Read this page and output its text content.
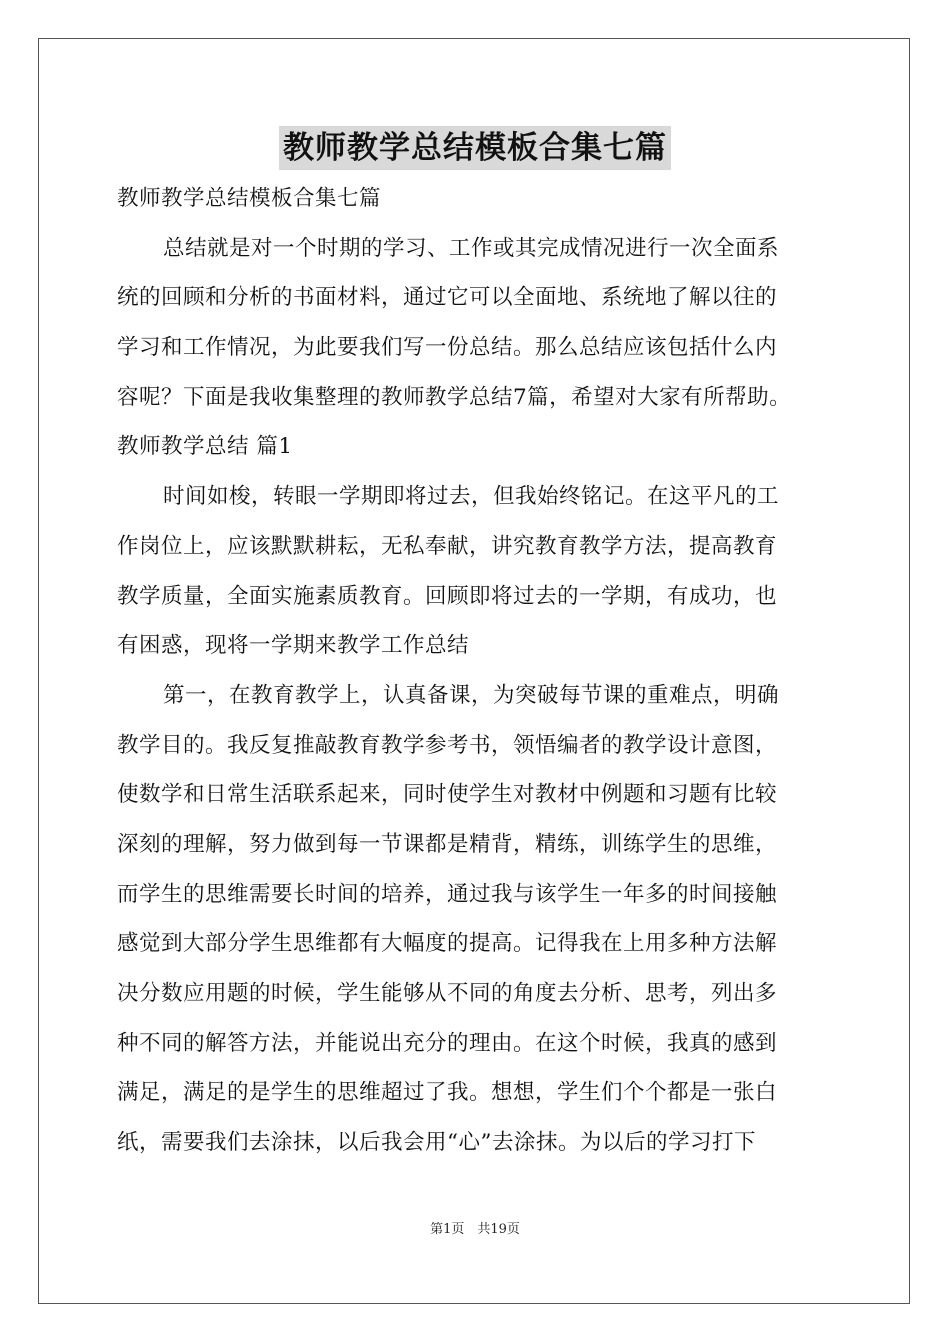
教师教学总结模板合集七篇
教师教学总结模板合集七篇
总结就是对一个时期的学习、工作或其完成情况进行一次全面系
统的回顾和分析的书面材料，通过它可以全面地、系统地了解以往的
学习和工作情况，为此要我们写一份总结。那么总结应该包括什么内
容呢？下面是我收集整理的教师教学总结7篇，希望对大家有所帮助。
教师教学总结 篇1
时间如梭，转眼一学期即将过去，但我始终铭记。在这平凡的工
作岗位上，应该默默耕耘，无私奉献，讲究教育教学方法，提高教育
教学质量，全面实施素质教育。回顾即将过去的一学期，有成功，也
有困惑，现将一学期来教学工作总结
第一，在教育教学上，认真备课，为突破每节课的重难点，明确
教学目的。我反复推敲教育教学参考书，领悟编者的教学设计意图，
使数学和日常生活联系起来，同时使学生对教材中例题和习题有比较
深刻的理解，努力做到每一节课都是精背，精练，训练学生的思维，
而学生的思维需要长时间的培养，通过我与该学生一年多的时间接触
感觉到大部分学生思维都有大幅度的提高。记得我在上用多种方法解
决分数应用题的时候，学生能够从不同的角度去分析、思考，列出多
种不同的解答方法，并能说出充分的理由。在这个时候，我真的感到
满足，满足的是学生的思维超过了我。想想，学生们个个都是一张白
纸，需要我们去涂抹，以后我会用“心”去涂抹。为以后的学习打下
第1页　共19页
